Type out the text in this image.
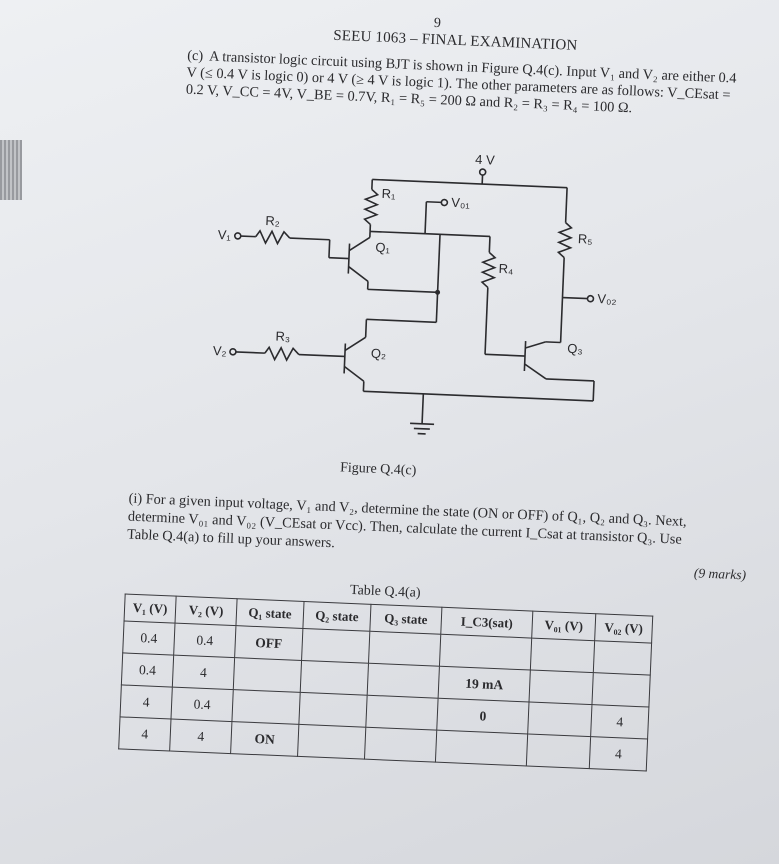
9
SEEU 1063 – FINAL EXAMINATION
(c) A transistor logic circuit using BJT is shown in Figure Q.4(c). Input V₁ and V₂ are either 0.4 V (≤ 0.4 V is logic 0) or 4 V (≥ 4 V is logic 1). The other parameters are as follows: V_CEsat = 0.2 V, V_CC = 4V, V_BE = 0.7V, R₁ = R₅ = 200 Ω and R₂ = R₃ = R₄ = 100 Ω.
4 V
V₁
V₂
R₁
R₂
R₃
R₄
R₅
Q₁
Q₂	Q₃
V₀₁
V₀₂
Figure Q.4(c)
(i) For a given input voltage, V₁ and V₂, determine the state (ON or OFF) of Q₁, Q₂ and Q₃. Next, determine V₀₁ and V₀₂ (V_CEsat or Vcc). Then, calculate the current I_Csat at transistor Q₃. Use Table Q.4(a) to fill up your answers.
(9 marks)
Table Q.4(a)
V₁ (V)	V₂ (V)	Q₁ state	Q₂ state	Q₃ state	I_C3(sat)	V₀₁ (V)	V₀₂ (V)
0.4	0.4	OFF					
0.4	4				19 mA		
4	0.4				0		4
4	4	ON					4
